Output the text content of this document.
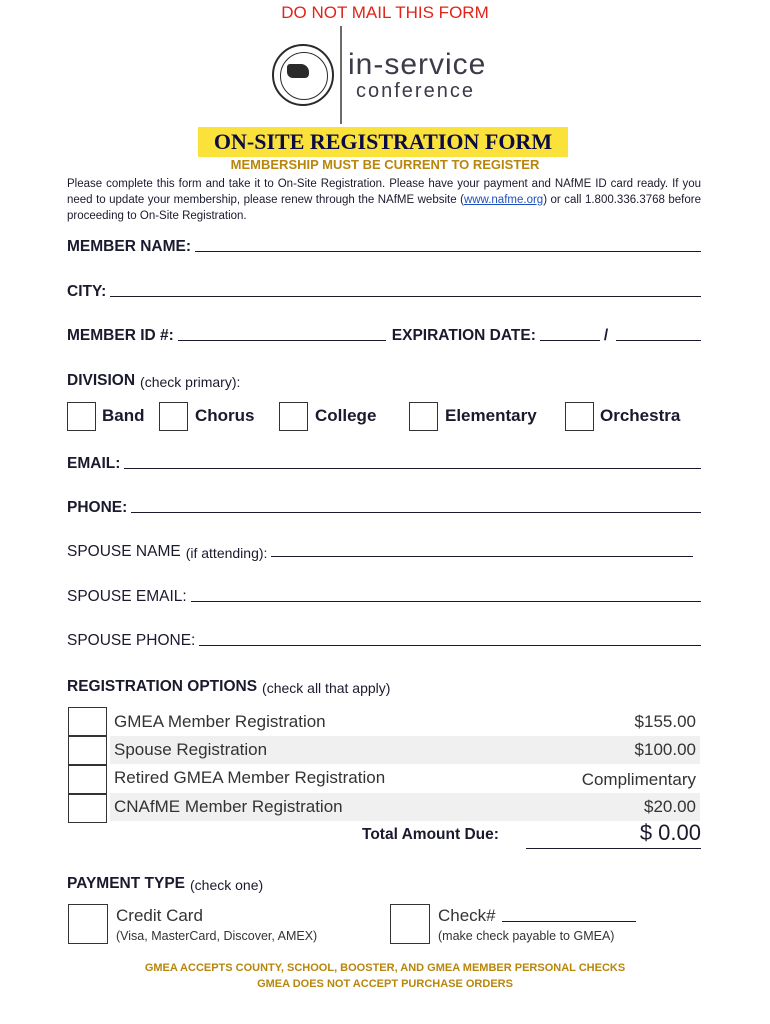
DO NOT MAIL THIS FORM
in-service
conference
ON-SITE REGISTRATION FORM
MEMBERSHIP MUST BE CURRENT TO REGISTER
Please complete this form and take it to On-Site Registration. Please have your payment and NAfME ID card ready. If you need to update your membership, please renew through the NAfME website (www.nafme.org) or call 1.800.336.3768 before proceeding to On-Site Registration.
MEMBER NAME:
CITY:
MEMBER ID #:	EXPIRATION DATE:	/
DIVISION (check primary):
Band	Chorus	College	Elementary	Orchestra
EMAIL:
PHONE:
SPOUSE NAME (if attending):
SPOUSE EMAIL:
SPOUSE PHONE:
REGISTRATION OPTIONS (check all that apply)
GMEA Member Registration	$155.00
Spouse Registration	$100.00
Retired GMEA Member Registration	Complimentary
CNAfME Member Registration	$20.00
Total Amount Due:	$ 0.00
PAYMENT TYPE (check one)
Credit Card
(Visa, MasterCard, Discover, AMEX)
Check#
(make check payable to GMEA)
GMEA ACCEPTS COUNTY, SCHOOL, BOOSTER, AND GMEA MEMBER PERSONAL CHECKS
GMEA DOES NOT ACCEPT PURCHASE ORDERS
